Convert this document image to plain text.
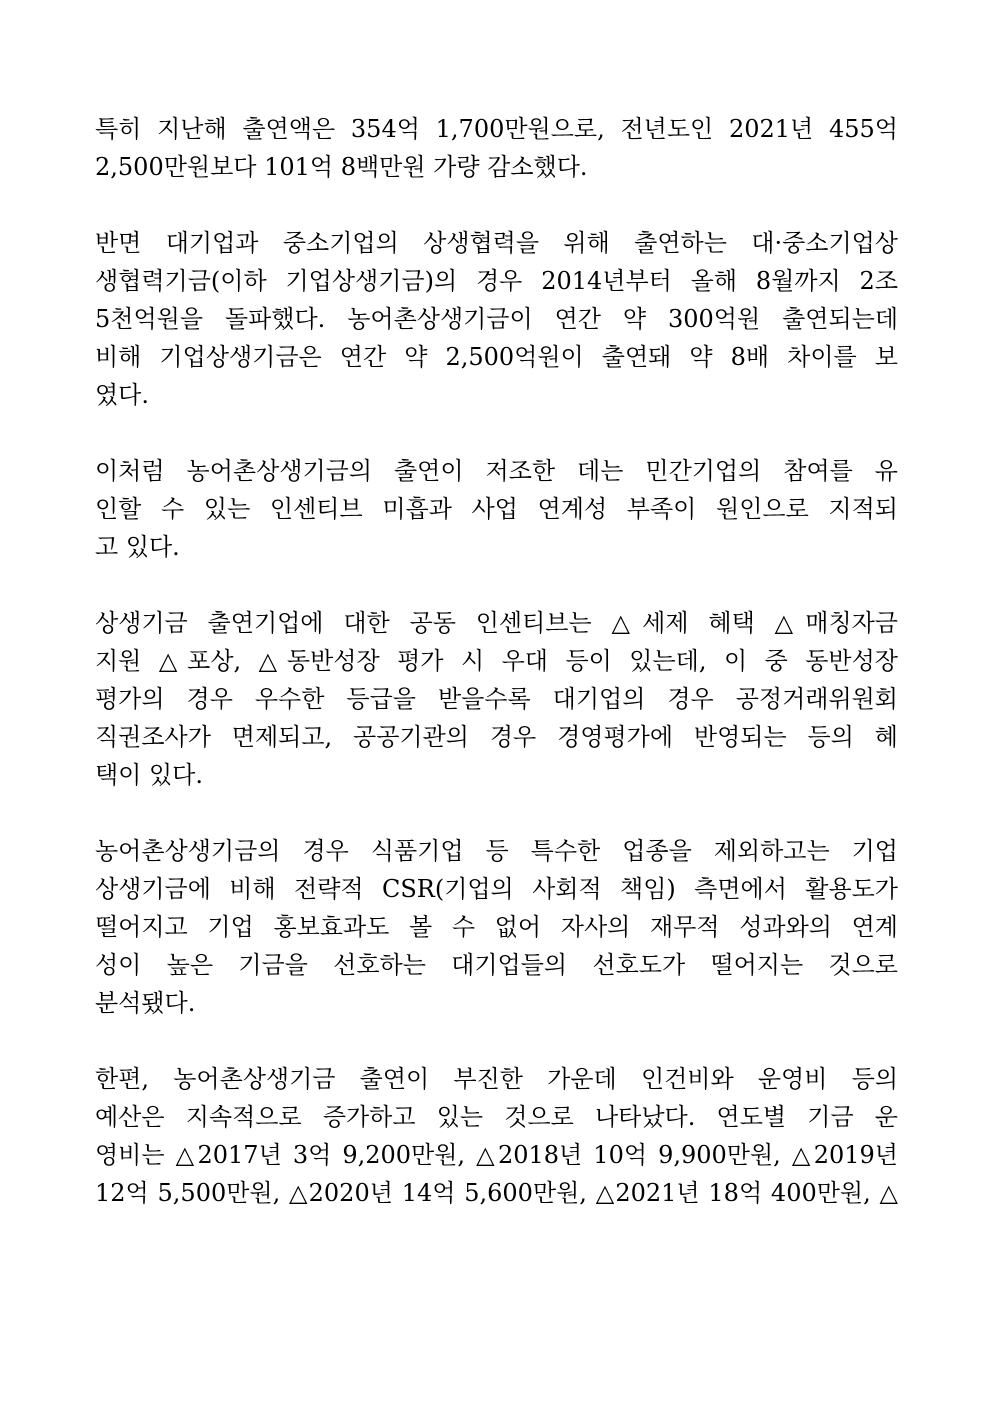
특히 지난해 출연액은 354억 1,700만원으로, 전년도인 2021년 455억
2,500만원보다 101억 8백만원 가량 감소했다.
반면 대기업과 중소기업의 상생협력을 위해 출연하는 대·중소기업상
생협력기금(이하 기업상생기금)의 경우 2014년부터 올해 8월까지 2조
5천억원을 돌파했다. 농어촌상생기금이 연간 약 300억원 출연되는데
비해 기업상생기금은 연간 약 2,500억원이 출연돼 약 8배 차이를 보
였다.
이처럼 농어촌상생기금의 출연이 저조한 데는 민간기업의 참여를 유
인할 수 있는 인센티브 미흡과 사업 연계성 부족이 원인으로 지적되
고 있다.
상생기금 출연기업에 대한 공동 인센티브는 △세제 혜택 △매칭자금
지원 △포상, △동반성장 평가 시 우대 등이 있는데, 이 중 동반성장
평가의 경우 우수한 등급을 받을수록 대기업의 경우 공정거래위원회
직권조사가 면제되고, 공공기관의 경우 경영평가에 반영되는 등의 혜
택이 있다.
농어촌상생기금의 경우 식품기업 등 특수한 업종을 제외하고는 기업
상생기금에 비해 전략적 CSR(기업의 사회적 책임) 측면에서 활용도가
떨어지고 기업 홍보효과도 볼 수 없어 자사의 재무적 성과와의 연계
성이 높은 기금을 선호하는 대기업들의 선호도가 떨어지는 것으로
분석됐다.
한편, 농어촌상생기금 출연이 부진한 가운데 인건비와 운영비 등의
예산은 지속적으로 증가하고 있는 것으로 나타났다. 연도별 기금 운
영비는 △2017년 3억 9,200만원, △2018년 10억 9,900만원, △2019년
12억 5,500만원, △2020년 14억 5,600만원, △2021년 18억 400만원, △
